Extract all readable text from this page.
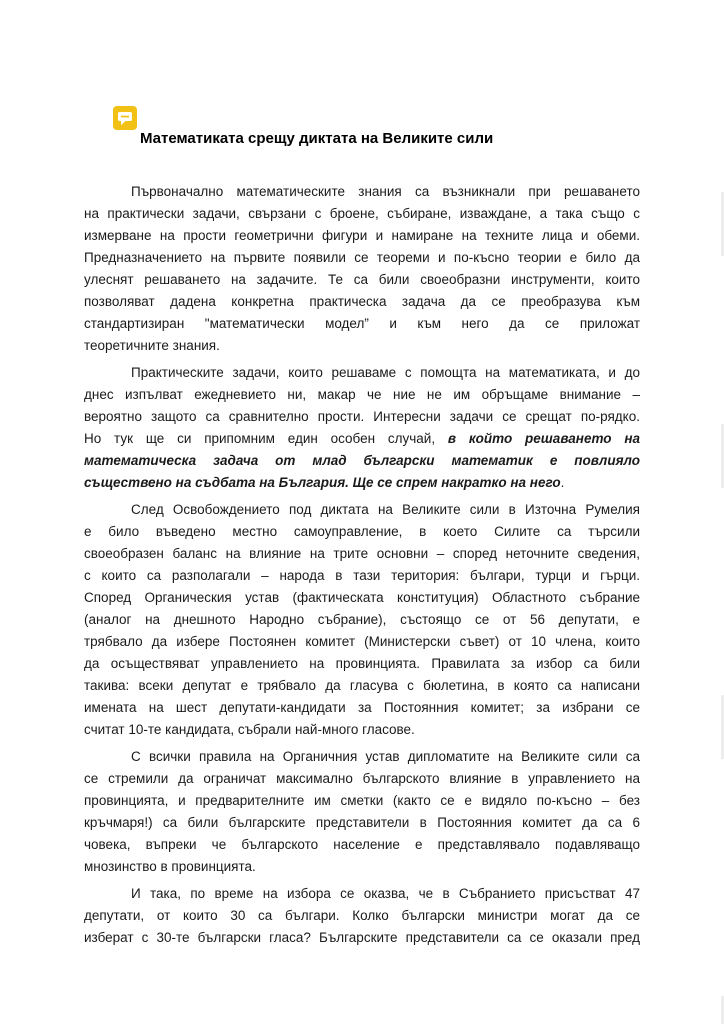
Математиката срещу диктата на Великите сили
Първоначално математическите знания са възникнали при решаването
на практически задачи, свързани с броене, събиране, изваждане, а така също с
измерване на прости геометрични фигури и намиране на техните лица и обеми.
Предназначението на първите появили се теореми и по-късно теории е било да
улеснят решаването на задачите. Те са били своеобразни инструменти, които
позволяват дадена конкретна практическа задача да се преобразува към
стандартизиран "математически модел” и към него да се приложат
теоретичните знания.
Практическите задачи, които решаваме с помощта на математиката, и до
днес изпълват ежедневието ни, макар че ние не им обръщаме внимание –
вероятно защото са сравнително прости. Интересни задачи се срещат по-рядко.
Но тук ще си припомним един особен случай, в който решаването на
математическа задача от млад български математик е повлияло
съществено на съдбата на България. Ще се спрем накратко на него.
След Освобождението под диктата на Великите сили в Източна Румелия
е било въведено местно самоуправление, в което Силите са търсили
своеобразен баланс на влияние на трите основни – според неточните сведения,
с които са разполагали – народа в тази територия: българи, турци и гърци.
Според Органическия устав (фактическата конституция) Областното събрание
(аналог на днешното Народно събрание), състоящо се от 56 депутати, е
трябвало да избере Постоянен комитет (Министерски съвет) от 10 члена, които
да осъществяват управлението на провинцията. Правилата за избор са били
такива: всеки депутат е трябвало да гласува с бюлетина, в която са написани
имената на шест депутати-кандидати за Постоянния комитет; за избрани се
считат 10-те кандидата, събрали най-много гласове.
С всички правила на Органичния устав дипломатите на Великите сили са
се стремили да ограничат максимално българското влияние в управлението на
провинцията, и предварителните им сметки (както се е видяло по-късно – без
кръчмаря!) са били българските представители в Постоянния комитет да са 6
човека, въпреки че българското население е представлявало подавляващо
мнозинство в провинцията.
И така, по време на избора се оказва, че в Събранието присъстват 47
депутати, от които 30 са българи. Колко български министри могат да се
изберат с 30-те български гласа? Българските представители са се оказали пред
